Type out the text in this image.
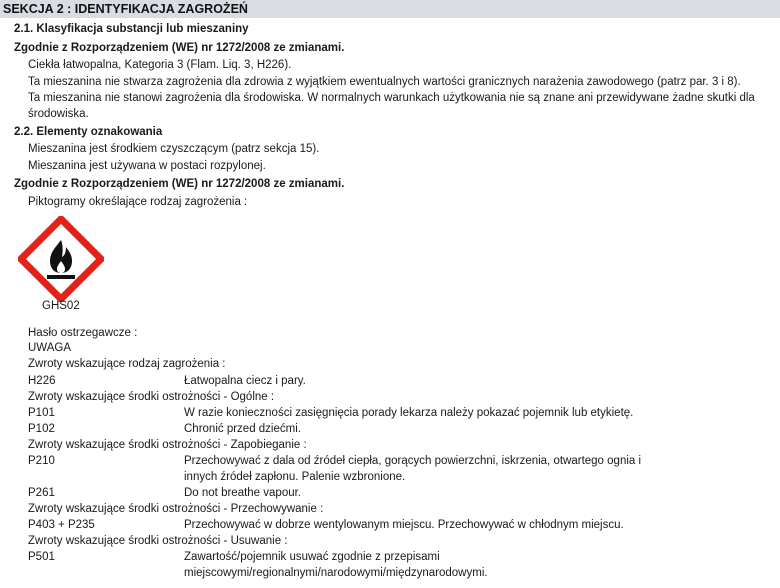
SEKCJA 2 : IDENTYFIKACJA ZAGROŻEŃ
2.1. Klasyfikacja substancji lub mieszaniny
Zgodnie z Rozporządzeniem (WE) nr 1272/2008 ze zmianami.
Ciekła łatwopalna, Kategoria 3 (Flam. Liq. 3, H226).
Ta mieszanina nie stwarza zagrożenia dla zdrowia z wyjątkiem ewentualnych wartości granicznych narażenia zawodowego (patrz par. 3 i 8).
Ta mieszanina nie stanowi zagrożenia dla środowiska. W normalnych warunkach użytkowania nie są znane ani przewidywane żadne skutki dla
środowiska.
2.2. Elementy oznakowania
Mieszanina jest środkiem czyszczącym (patrz sekcja 15).
Mieszanina jest używana w postaci rozpylonej.
Zgodnie z Rozporządzeniem (WE) nr 1272/2008 ze zmianami.
Piktogramy określające rodzaj zagrożenia :
GHS02
Hasło ostrzegawcze :
UWAGA
Zwroty wskazujące rodzaj zagrożenia :
H226	Łatwopalna ciecz i pary.
Zwroty wskazujące środki ostrożności - Ogólne :
P101	W razie konieczności zasięgnięcia porady lekarza należy pokazać pojemnik lub etykietę.
P102	Chronić przed dziećmi.
Zwroty wskazujące środki ostrożności - Zapobieganie :
P210	Przechowywać z dala od źródeł ciepła, gorących powierzchni, iskrzenia, otwartego ognia i
innych źródeł zapłonu. Palenie wzbronione.
P261	Do not breathe vapour.
Zwroty wskazujące środki ostrożności - Przechowywanie :
P403 + P235	Przechowywać w dobrze wentylowanym miejscu. Przechowywać w chłodnym miejscu.
Zwroty wskazujące środki ostrożności - Usuwanie :
P501	Zawartość/pojemnik usuwać zgodnie z przepisami
miejscowymi/regionalnymi/narodowymi/międzynarodowymi.
